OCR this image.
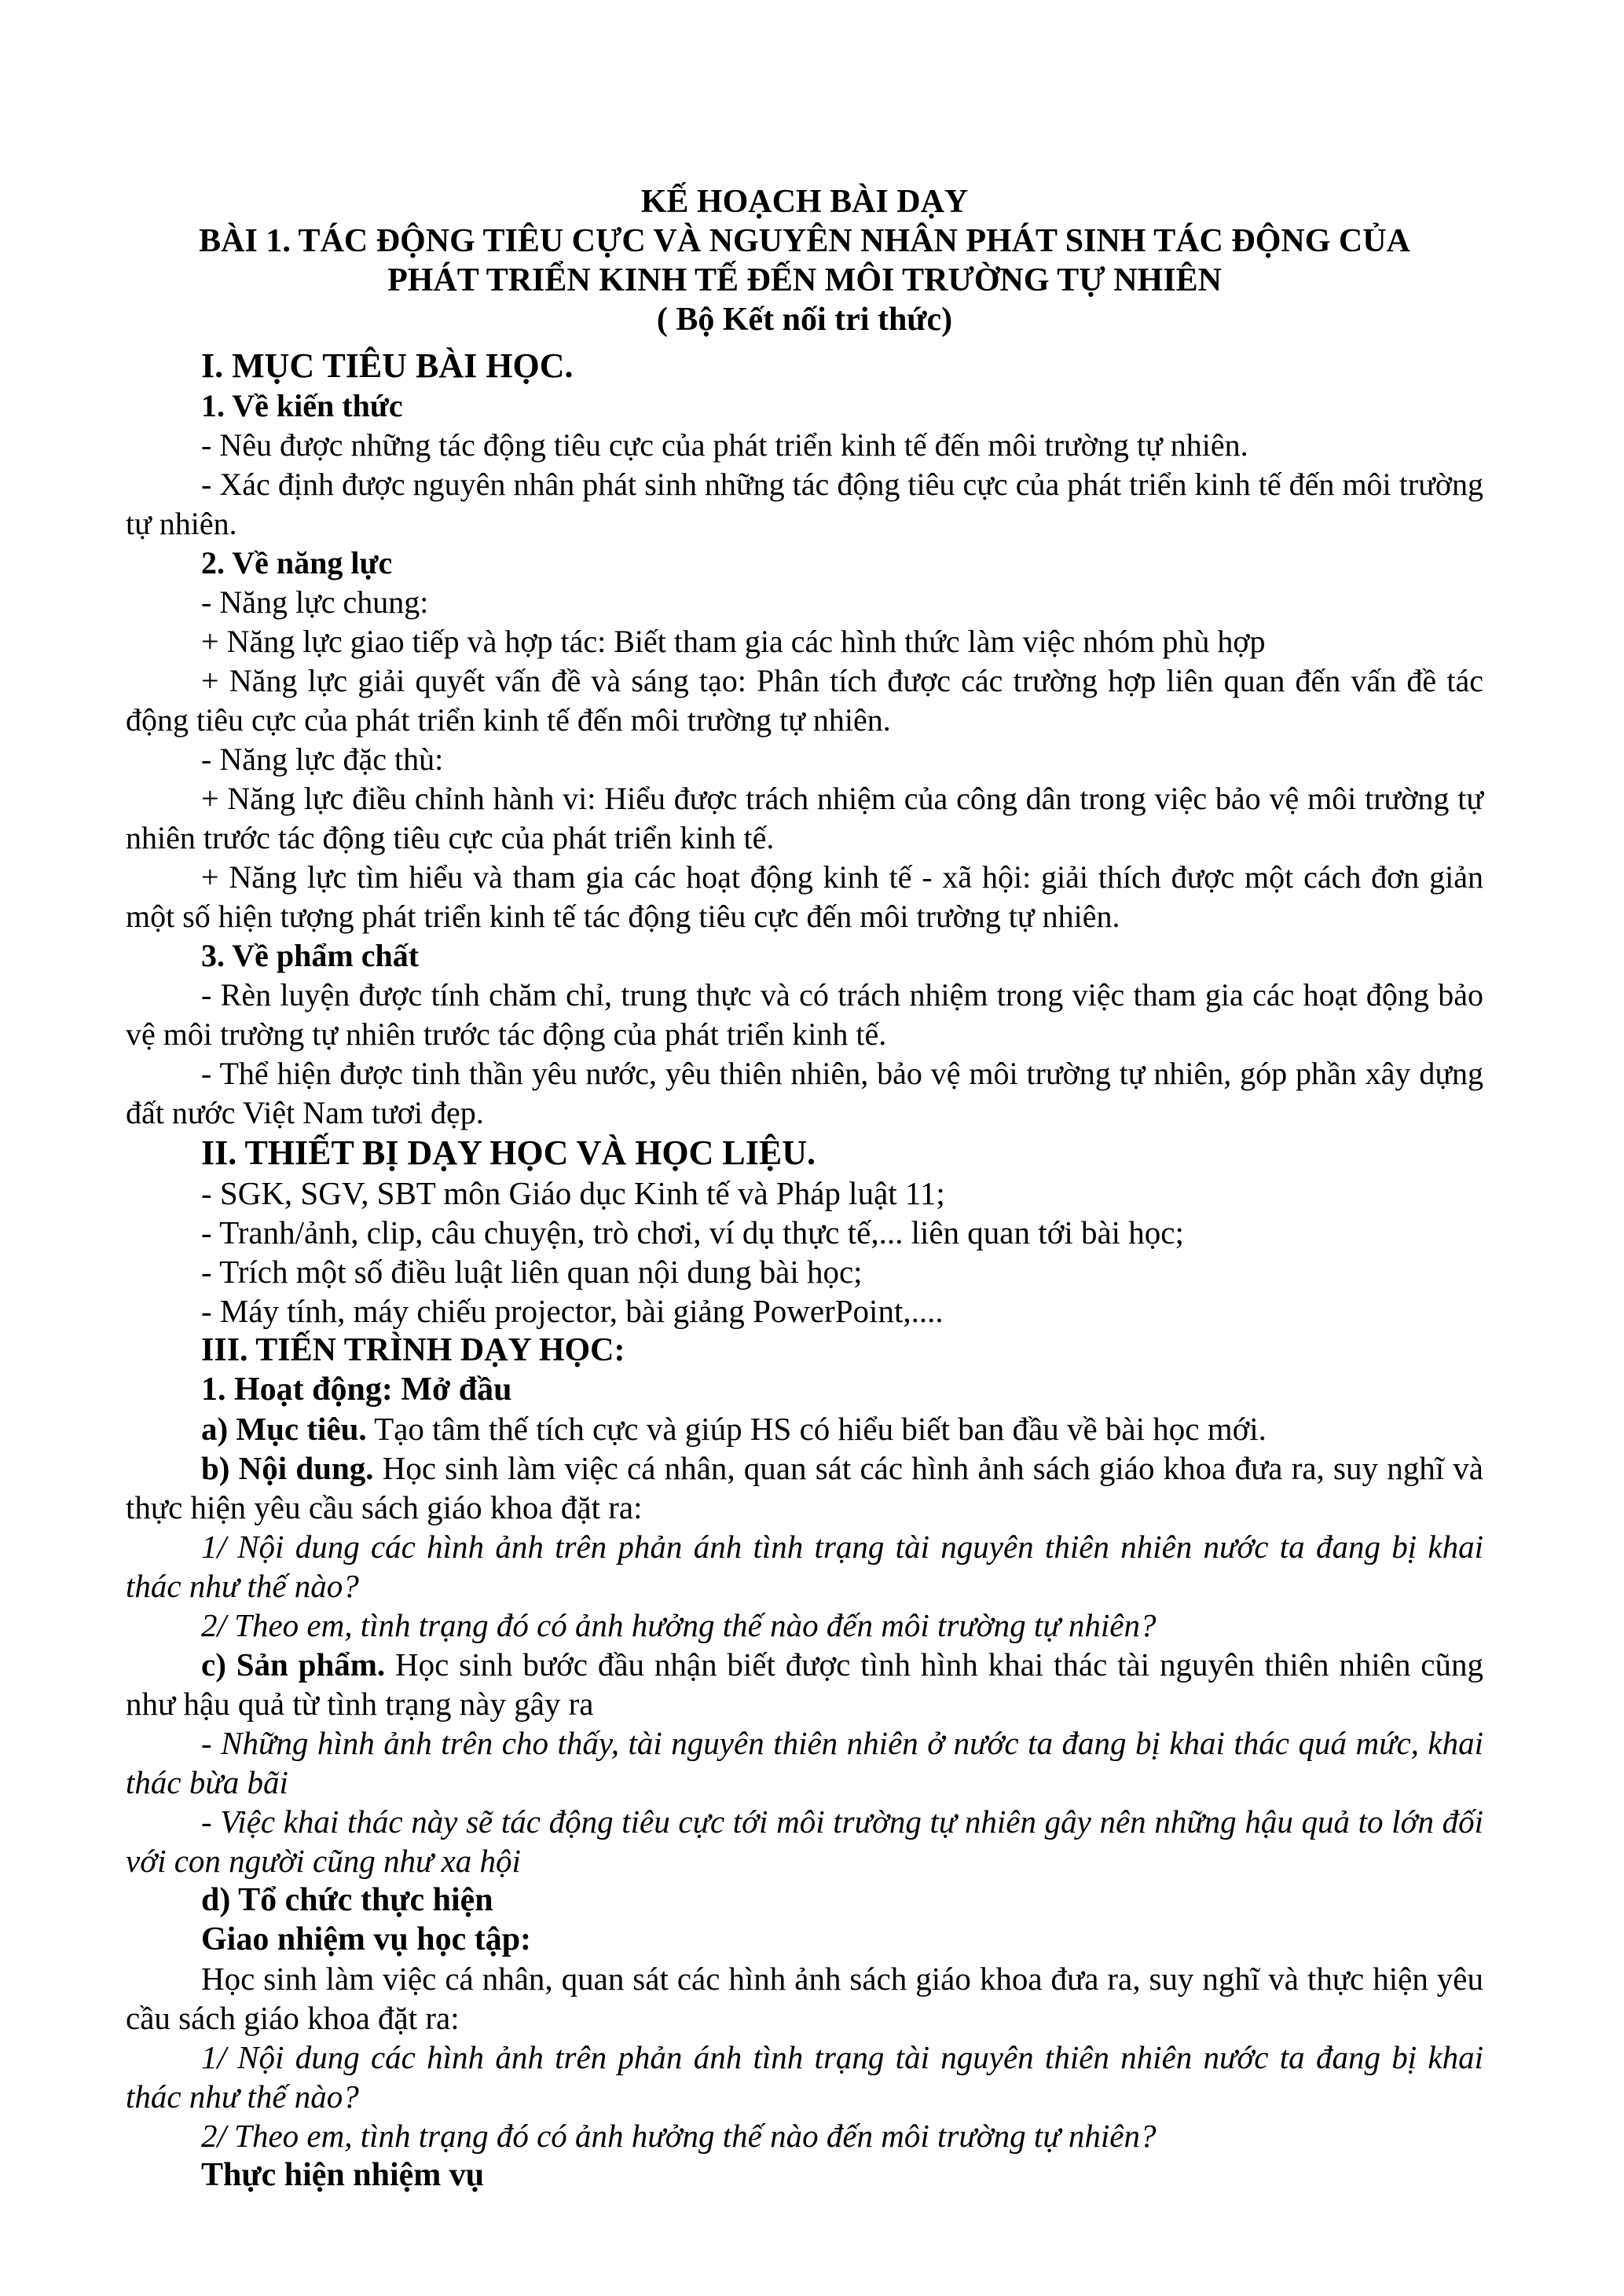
KẾ HOẠCH BÀI DẠY
BÀI 1. TÁC ĐỘNG TIÊU CỰC VÀ NGUYÊN NHÂN PHÁT SINH TÁC ĐỘNG CỦA
PHÁT TRIỂN KINH TẾ ĐẾN MÔI TRƯỜNG TỰ NHIÊN
( Bộ Kết nối tri thức)

I. MỤC TIÊU BÀI HỌC.

1. Về kiến thức

- Nêu được những tác động tiêu cực của phát triển kinh tế đến môi trường tự nhiên.

- Xác định được nguyên nhân phát sinh những tác động tiêu cực của phát triển kinh tế đến môi trường tự nhiên.

2. Về năng lực

- Năng lực chung:

+ Năng lực giao tiếp và hợp tác: Biết tham gia các hình thức làm việc nhóm phù hợp

+ Năng lực giải quyết vấn đề và sáng tạo: Phân tích được các trường hợp liên quan đến vấn đề tác động tiêu cực của phát triển kinh tế đến môi trường tự nhiên.

- Năng lực đặc thù:

+ Năng lực điều chỉnh hành vi: Hiểu được trách nhiệm của công dân trong việc bảo vệ môi trường tự nhiên trước tác động tiêu cực của phát triển kinh tế.

+ Năng lực tìm hiểu và tham gia các hoạt động kinh tế - xã hội: giải thích được một cách đơn giản một số hiện tượng phát triển kinh tế tác động tiêu cực đến môi trường tự nhiên.

3. Về phẩm chất

- Rèn luyện được tính chăm chỉ, trung thực và có trách nhiệm trong việc tham gia các hoạt động bảo vệ môi trường tự nhiên trước tác động của phát triển kinh tế.

- Thể hiện được tinh thần yêu nước, yêu thiên nhiên, bảo vệ môi trường tự nhiên, góp phần xây dựng đất nước Việt Nam tươi đẹp.

II. THIẾT BỊ DẠY HỌC VÀ HỌC LIỆU.

- SGK, SGV, SBT môn Giáo dục Kinh tế và Pháp luật 11;

- Tranh/ảnh, clip, câu chuyện, trò chơi, ví dụ thực tế,... liên quan tới bài học;

- Trích một số điều luật liên quan nội dung bài học;

- Máy tính, máy chiếu projector, bài giảng PowerPoint,....

III. TIẾN TRÌNH DẠY HỌC:

1. Hoạt động: Mở đầu

a) Mục tiêu. Tạo tâm thế tích cực và giúp HS có hiểu biết ban đầu về bài học mới.

b) Nội dung. Học sinh làm việc cá nhân, quan sát các hình ảnh sách giáo khoa đưa ra, suy nghĩ và thực hiện yêu cầu sách giáo khoa đặt ra:

1/ Nội dung các hình ảnh trên phản ánh tình trạng tài nguyên thiên nhiên nước ta đang bị khai thác như thế nào?

2/ Theo em, tình trạng đó có ảnh hưởng thế nào đến môi trường tự nhiên?

c) Sản phẩm. Học sinh bước đầu nhận biết được tình hình khai thác tài nguyên thiên nhiên cũng như hậu quả từ tình trạng này gây ra

- Những hình ảnh trên cho thấy, tài nguyên thiên nhiên ở nước ta đang bị khai thác quá mức, khai thác bừa bãi

- Việc khai thác này sẽ tác động tiêu cực tới môi trường tự nhiên gây nên những hậu quả to lớn đối với con người cũng như xa hội

d) Tổ chức thực hiện

Giao nhiệm vụ học tập:

Học sinh làm việc cá nhân, quan sát các hình ảnh sách giáo khoa đưa ra, suy nghĩ và thực hiện yêu cầu sách giáo khoa đặt ra:

1/ Nội dung các hình ảnh trên phản ánh tình trạng tài nguyên thiên nhiên nước ta đang bị khai thác như thế nào?

2/ Theo em, tình trạng đó có ảnh hưởng thế nào đến môi trường tự nhiên?

Thực hiện nhiệm vụ
